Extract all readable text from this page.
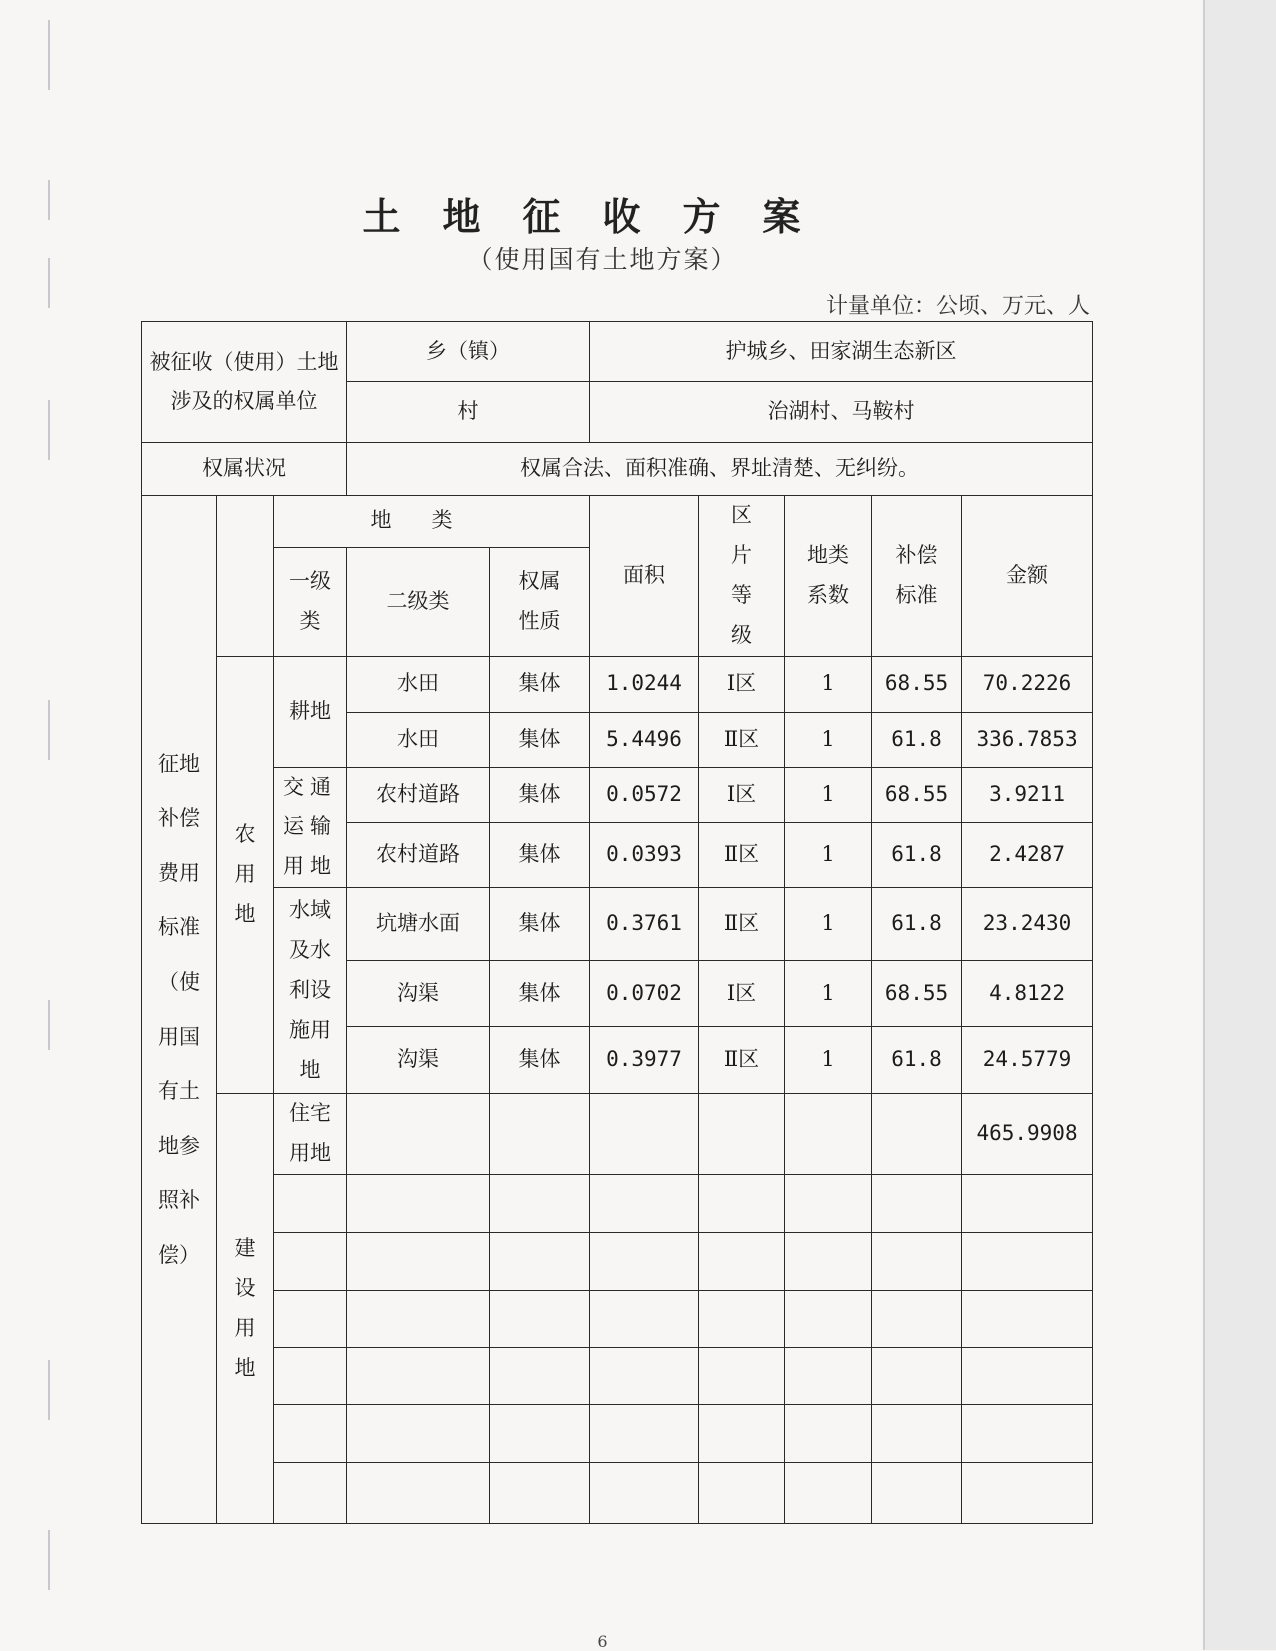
土地征收方案
（使用国有土地方案）
计量单位：公顷、万元、人
被征收（使用）土地涉及的权属单位			乡（镇）		护城乡、田家湖生态新区				
			村		治湖村、马鞍村				
权属状况			权属合法、面积准确、界址清楚、无纠纷。						
征地补偿费用标准（使用国有土地参照补偿）		地类			面积	区片等级	地类系数	补偿标准	金额
		一级类	二级类	权属性质					
	农用地	耕地	水田	集体	1.0244	Ⅰ区	1	68.55	70.2226
			水田	集体	5.4496	Ⅱ区	1	61.8	336.7853
		交通运输用地	农村道路	集体	0.0572	Ⅰ区	1	68.55	3.9211
			农村道路	集体	0.0393	Ⅱ区	1	61.8	2.4287
		水域及水利设施用地	坑塘水面	集体	0.3761	Ⅱ区	1	61.8	23.2430
			沟渠	集体	0.0702	Ⅰ区	1	68.55	4.8122
			沟渠	集体	0.3977	Ⅱ区	1	61.8	24.5779
	建设用地	住宅用地							465.9908

6
